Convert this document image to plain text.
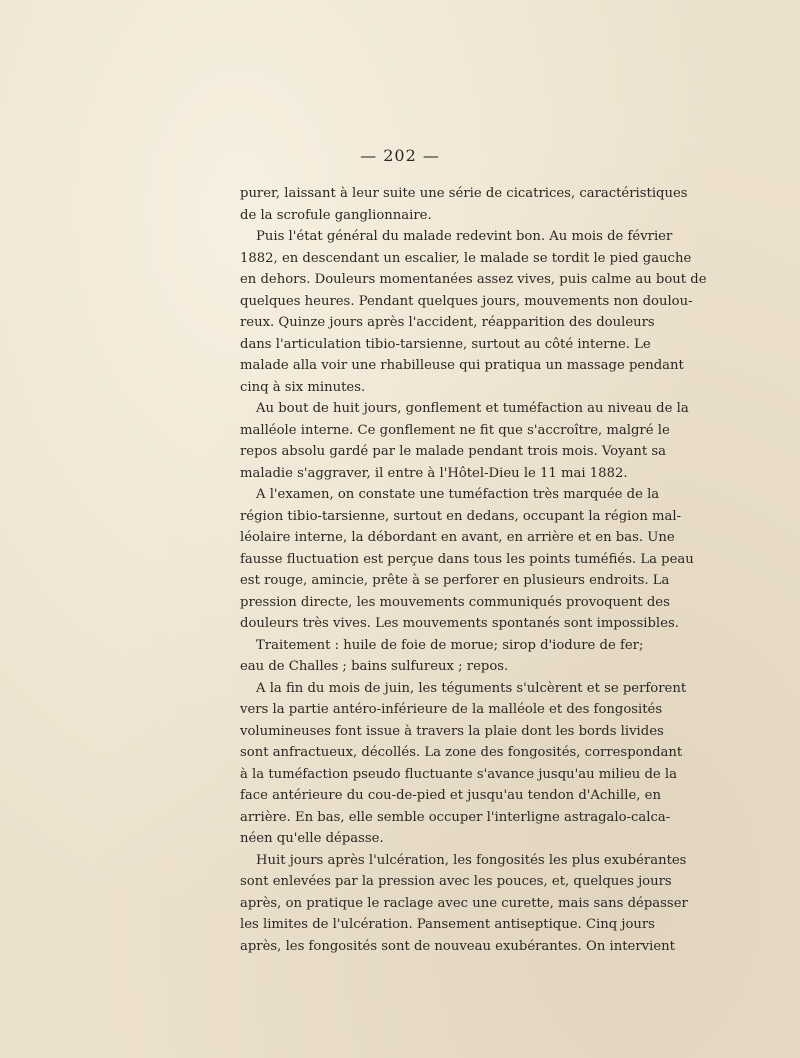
— 202 —
purer, laissant à leur suite une série de cicatrices, caractéristiques
de la scrofule ganglionnaire.
Puis l'état général du malade redevint bon. Au mois de février
1882, en descendant un escalier, le malade se tordit le pied gauche
en dehors. Douleurs momentanées assez vives, puis calme au bout de
quelques heures. Pendant quelques jours, mouvements non doulou-
reux. Quinze jours après l'accident, réapparition des douleurs
dans l'articulation tibio-tarsienne, surtout au côté interne. Le
malade alla voir une rhabilleuse qui pratiqua un massage pendant
cinq à six minutes.
Au bout de huit jours, gonflement et tuméfaction au niveau de la
malléole interne. Ce gonflement ne fit que s'accroître, malgré le
repos absolu gardé par le malade pendant trois mois. Voyant sa
maladie s'aggraver, il entre à l'Hôtel-Dieu le 11 mai 1882.
A l'examen, on constate une tuméfaction très marquée de la
région tibio-tarsienne, surtout en dedans, occupant la région mal-
léolaire interne, la débordant en avant, en arrière et en bas. Une
fausse fluctuation est perçue dans tous les points tuméfiés. La peau
est rouge, amincie, prête à se perforer en plusieurs endroits. La
pression directe, les mouvements communiqués provoquent des
douleurs très vives. Les mouvements spontanés sont impossibles.
Traitement : huile de foie de morue; sirop d'iodure de fer;
eau de Challes ; bains sulfureux ; repos.
A la fin du mois de juin, les téguments s'ulcèrent et se perforent
vers la partie antéro-inférieure de la malléole et des fongosités
volumineuses font issue à travers la plaie dont les bords livides
sont anfractueux, décollés. La zone des fongosités, correspondant
à la tuméfaction pseudo fluctuante s'avance jusqu'au milieu de la
face antérieure du cou-de-pied et jusqu'au tendon d'Achille, en
arrière. En bas, elle semble occuper l'interligne astragalo-calca-
néen qu'elle dépasse.
Huit jours après l'ulcération, les fongosités les plus exubérantes
sont enlevées par la pression avec les pouces, et, quelques jours
après, on pratique le raclage avec une curette, mais sans dépasser
les limites de l'ulcération. Pansement antiseptique. Cinq jours
après, les fongosités sont de nouveau exubérantes. On intervient
